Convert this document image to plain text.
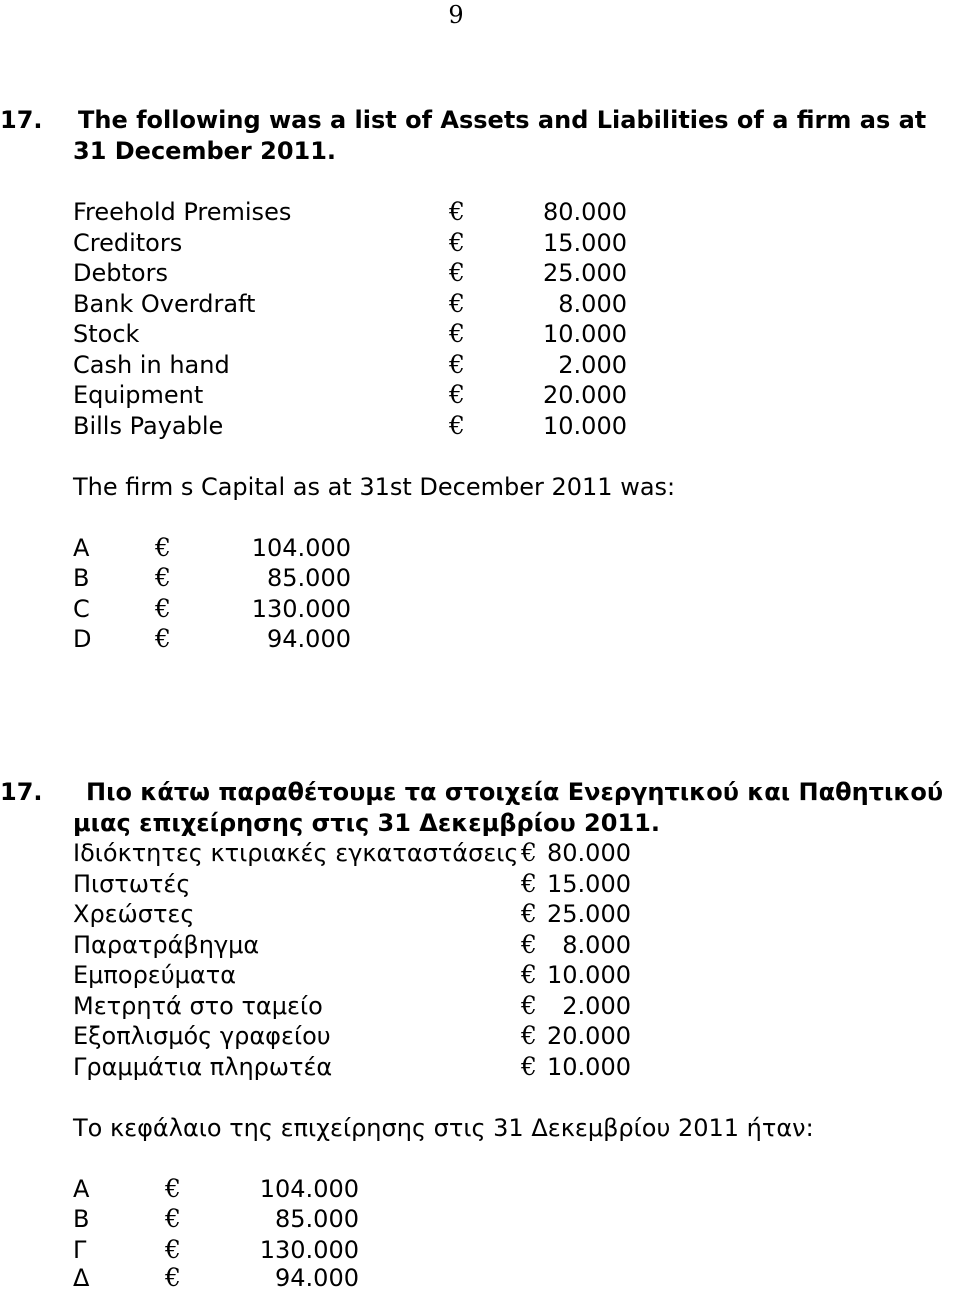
9
17. The following was a list of Assets and Liabilities of a firm as at
31 December 2011.
Freehold Premises	€	80.000
Creditors	€	15.000
Debtors	€	25.000
Bank Overdraft	€	8.000
Stock	€	10.000
Cash in hand	€	2.000
Equipment	€	20.000
Bills Payable	€	10.000
The firm s Capital as at 31st December 2011 was:
A	€	104.000
B	€	85.000
C	€	130.000
D	€	94.000
17. Πιο κάτω παραθέτουμε τα στοιχεία Ενεργητικού και Παθητικού
μιας επιχείρησης στις 31 Δεκεμβρίου 2011.
Ιδιόκτητες κτιριακές εγκαταστάσεις € 80.000
Πιστωτές	€ 15.000
Χρεώστες	€ 25.000
Παρατράβηγμα	€	8.000
Εμπορεύματα	€ 10.000
Μετρητά στο ταμείο	€	2.000
Εξοπλισμός γραφείου	€ 20.000
Γραμμάτια πληρωτέα	€ 10.000
Το κεφάλαιο της επιχείρησης στις 31 Δεκεμβρίου 2011 ήταν:
Α	€	104.000
Β	€	85.000
Γ	€	130.000
Δ	€	94.000
